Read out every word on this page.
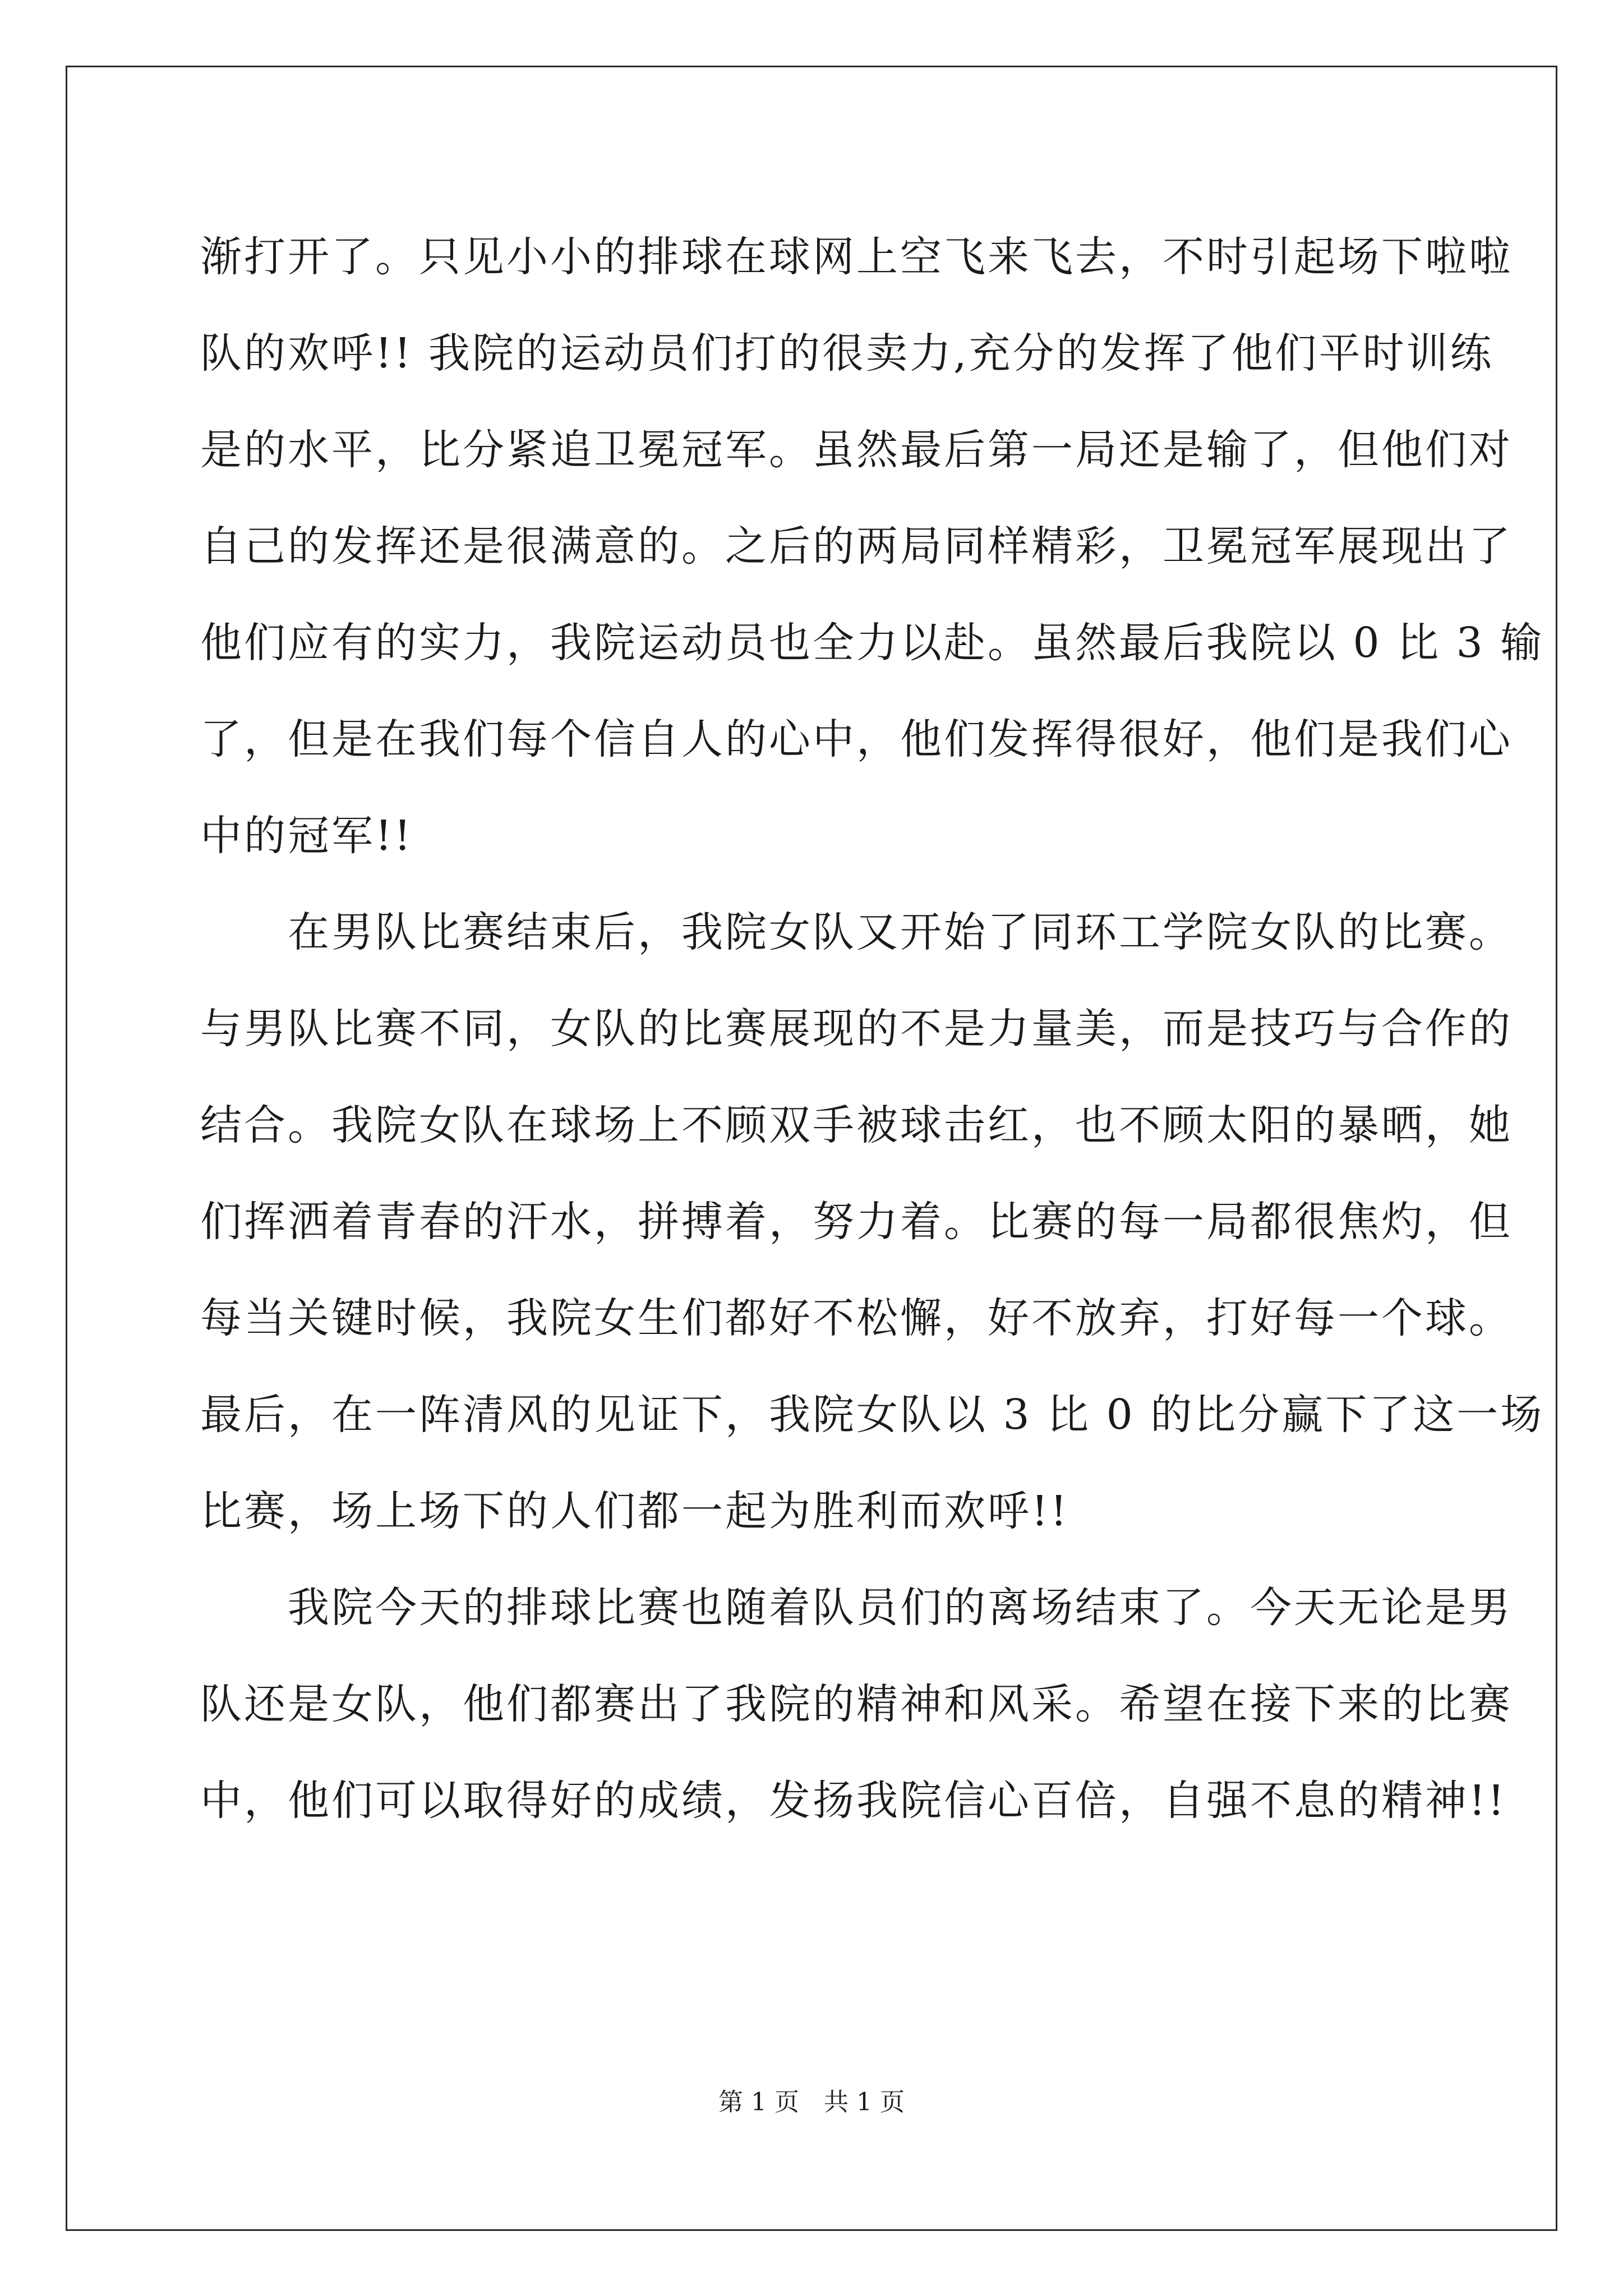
渐打开了。只见小小的排球在球网上空飞来飞去，不时引起场下啦啦
队的欢呼!! 我院的运动员们打的很卖力,充分的发挥了他们平时训练
是的水平，比分紧追卫冕冠军。虽然最后第一局还是输了，但他们对
自己的发挥还是很满意的。之后的两局同样精彩，卫冕冠军展现出了
他们应有的实力，我院运动员也全力以赴。虽然最后我院以 0 比 3 输
了，但是在我们每个信自人的心中，他们发挥得很好，他们是我们心
中的冠军!!
　　在男队比赛结束后，我院女队又开始了同环工学院女队的比赛。
与男队比赛不同，女队的比赛展现的不是力量美，而是技巧与合作的
结合。我院女队在球场上不顾双手被球击红，也不顾太阳的暴晒，她
们挥洒着青春的汗水，拼搏着，努力着。比赛的每一局都很焦灼，但
每当关键时候，我院女生们都好不松懈，好不放弃，打好每一个球。
最后，在一阵清风的见证下，我院女队以 3 比 0 的比分赢下了这一场
比赛，场上场下的人们都一起为胜利而欢呼!!
　　我院今天的排球比赛也随着队员们的离场结束了。今天无论是男
队还是女队，他们都赛出了我院的精神和风采。希望在接下来的比赛
中，他们可以取得好的成绩，发扬我院信心百倍，自强不息的精神!!
第 1 页　共 1 页
